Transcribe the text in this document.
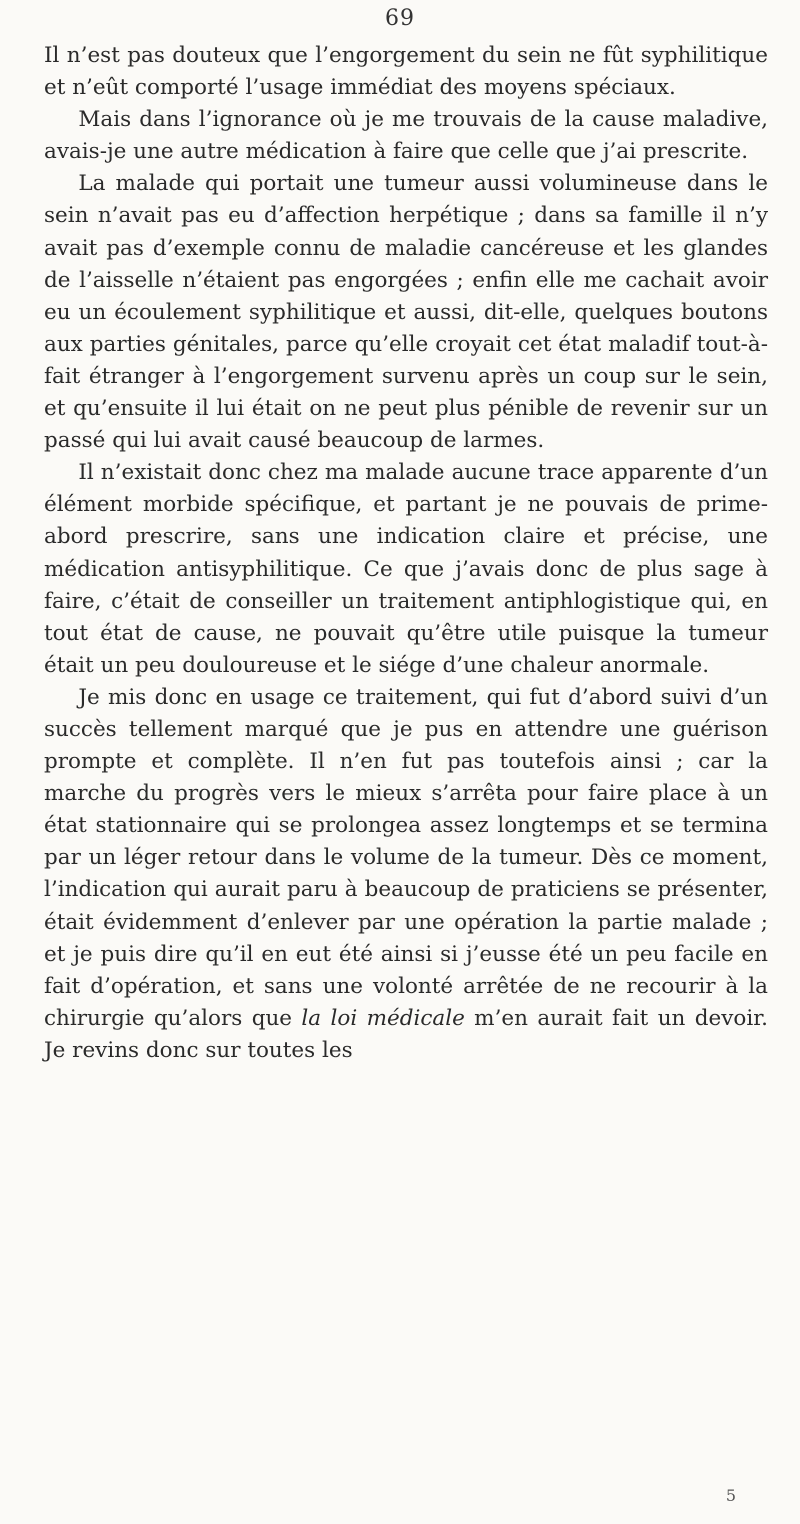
69

Il n’est pas douteux que l’engorgement du sein ne fût syphilitique et n’eût comporté l’usage immédiat des moyens spéciaux.

Mais dans l’ignorance où je me trouvais de la cause maladive, avais-je une autre médication à faire que celle que j’ai prescrite.

La malade qui portait une tumeur aussi volumineuse dans le sein n’avait pas eu d’affection herpétique ; dans sa famille il n’y avait pas d’exemple connu de maladie cancéreuse et les glandes de l’aisselle n’étaient pas engorgées ; enfin elle me cachait avoir eu un écoulement syphilitique et aussi, dit-elle, quelques boutons aux parties génitales, parce qu’elle croyait cet état maladif tout-à-fait étranger à l’engorgement survenu après un coup sur le sein, et qu’ensuite il lui était on ne peut plus pénible de revenir sur un passé qui lui avait causé beaucoup de larmes.

Il n’existait donc chez ma malade aucune trace apparente d’un élément morbide spécifique, et partant je ne pouvais de prime-abord prescrire, sans une indication claire et précise, une médication antisyphilitique. Ce que j’avais donc de plus sage à faire, c’était de conseiller un traitement antiphlogistique qui, en tout état de cause, ne pouvait qu’être utile puisque la tumeur était un peu douloureuse et le siége d’une chaleur anormale.

Je mis donc en usage ce traitement, qui fut d’abord suivi d’un succès tellement marqué que je pus en attendre une guérison prompte et complète. Il n’en fut pas toutefois ainsi ; car la marche du progrès vers le mieux s’arrêta pour faire place à un état stationnaire qui se prolongea assez longtemps et se termina par un léger retour dans le volume de la tumeur. Dès ce moment, l’indication qui aurait paru à beaucoup de praticiens se présenter, était évidemment d’enlever par une opération la partie malade ; et je puis dire qu’il en eut été ainsi si j’eusse été un peu facile en fait d’opération, et sans une volonté arrêtée de ne recourir à la chirurgie qu’alors que la loi médicale m’en aurait fait un devoir. Je revins donc sur toutes les

5
